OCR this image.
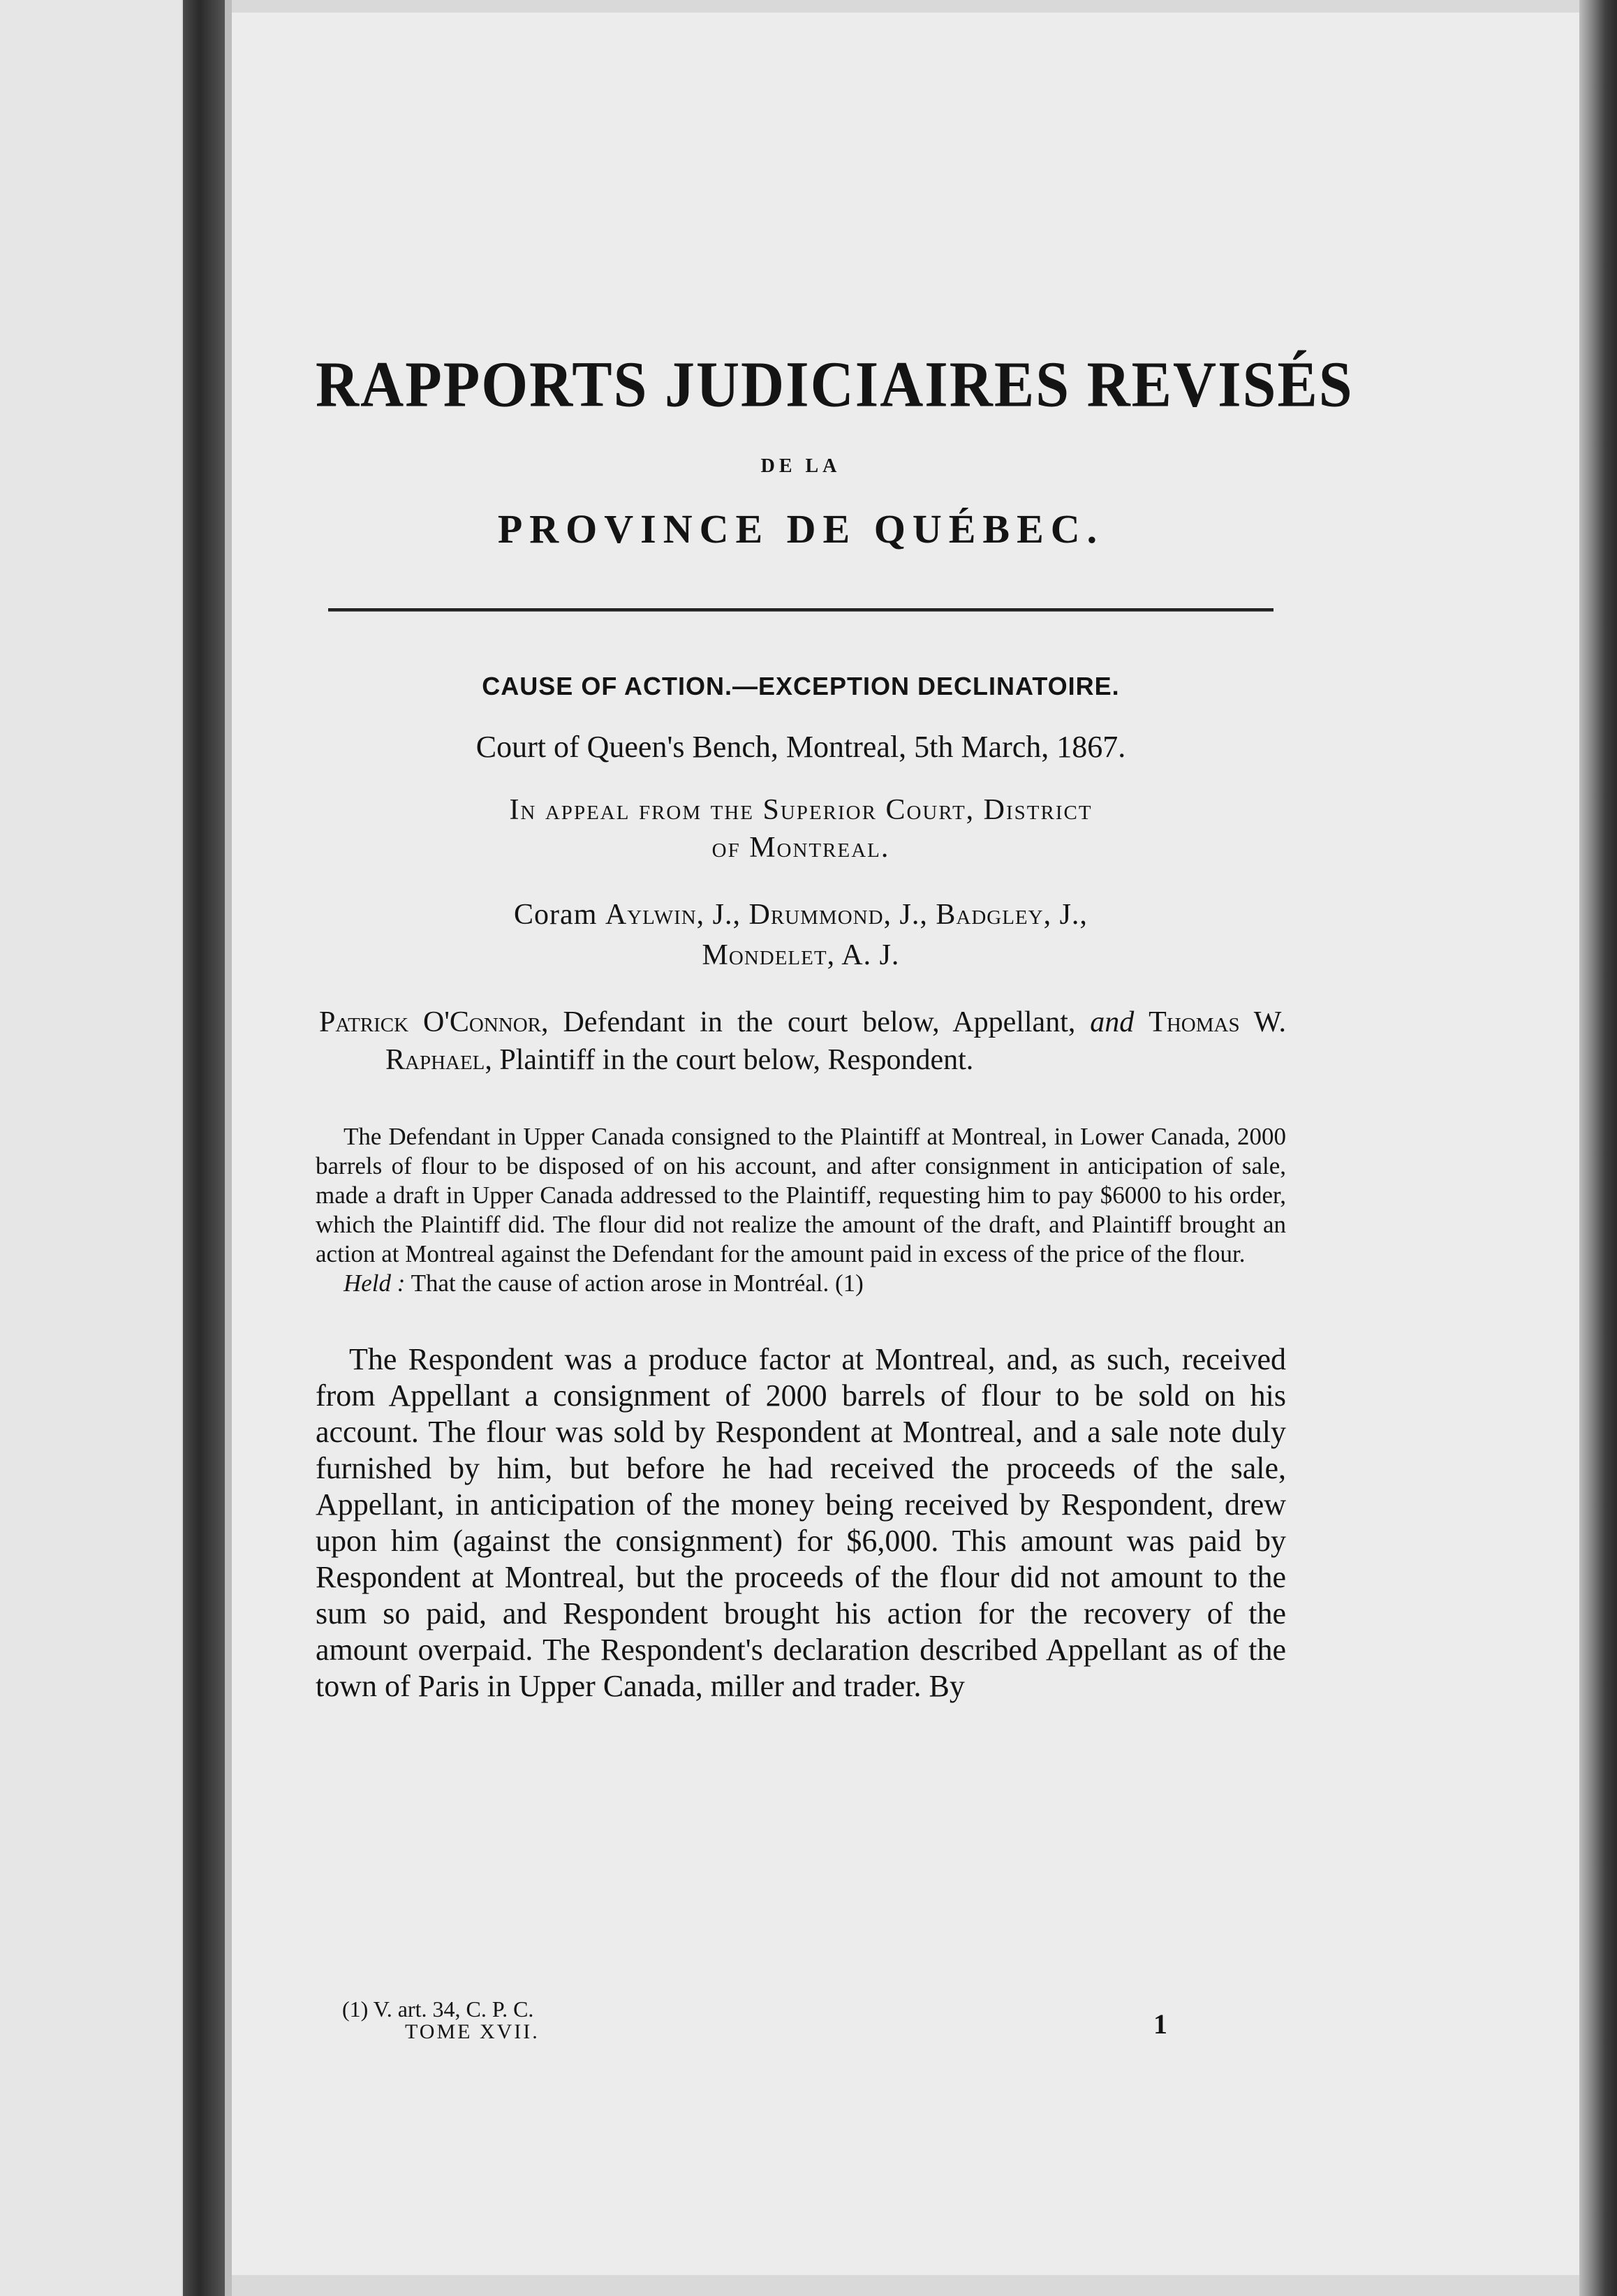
RAPPORTS JUDICIAIRES REVISÉS
DE LA
PROVINCE DE QUÉBEC.
CAUSE OF ACTION.—EXCEPTION DECLINATOIRE.
Court of Queen's Bench, Montreal, 5th March, 1867.
In appeal from the Superior Court, District
of Montreal.
Coram Aylwin, J., Drummond, J., Badgley, J.,
Mondelet, A. J.
Patrick O'Connor, Defendant in the court below, Appellant, and Thomas W. Raphael, Plaintiff in the court below, Respondent.
The Defendant in Upper Canada consigned to the Plaintiff at Montreal, in Lower Canada, 2000 barrels of flour to be disposed of on his account, and after consignment in anticipation of sale, made a draft in Upper Canada addressed to the Plaintiff, requesting him to pay $6000 to his order, which the Plaintiff did. The flour did not realize the amount of the draft, and Plaintiff brought an action at Montreal against the Defendant for the amount paid in excess of the price of the flour.
Held : That the cause of action arose in Montréal. (1)
The Respondent was a produce factor at Montreal, and, as such, received from Appellant a consignment of 2000 barrels of flour to be sold on his account. The flour was sold by Respondent at Montreal, and a sale note duly furnished by him, but before he had received the proceeds of the sale, Appellant, in anticipation of the money being received by Respondent, drew upon him (against the consignment) for $6,000. This amount was paid by Respondent at Montreal, but the proceeds of the flour did not amount to the sum so paid, and Respondent brought his action for the recovery of the amount overpaid. The Respondent's declaration described Appellant as of the town of Paris in Upper Canada, miller and trader. By
(1) V. art. 34, C. P. C.
TOME XVII.	1
